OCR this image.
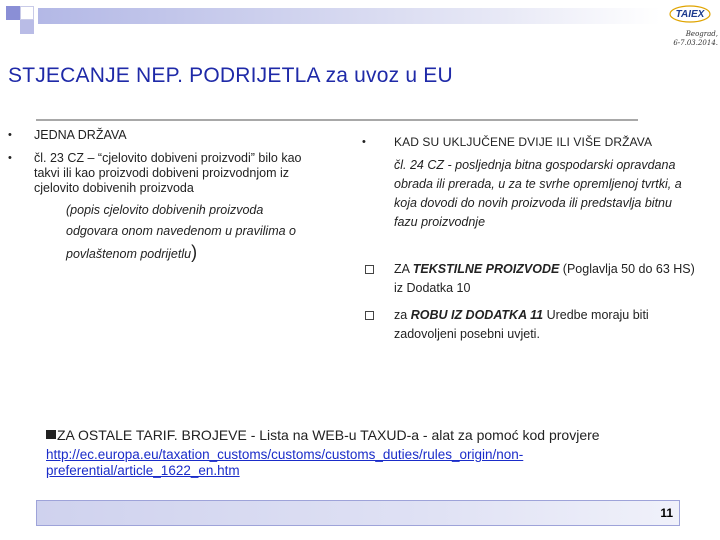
TAIEX
Beograd,
6-7.03.2014.
STJECANJE NEP. PODRIJETLA za uvoz u EU
• JEDNA DRŽAVA
• čl. 23 CZ – “cjelovito dobiveni proizvodi” bilo kao takvi ili kao proizvodi dobiveni proizvodnjom iz cjelovito dobivenih proizvoda
(popis cjelovito dobivenih proizvoda odgovara onom navedenom u pravilima o povlaštenom podrijetlu)
• KAD SU UKLJUČENE DVIJE ILI VIŠE DRŽAVA
čl. 24 CZ - posljednja bitna gospodarski opravdana obrada ili prerada, u za te svrhe opremljenoj tvrtki, a koja dovodi do novih proizvoda ili predstavlja bitnu fazu proizvodnje
ZA TEKSTILNE PROIZVODE (Poglavlja 50 do 63 HS) iz Dodatka 10
za ROBU IZ DODATKA 11 Uredbe moraju biti zadovoljeni posebni uvjeti.
ZA OSTALE TARIF. BROJEVE - Lista na WEB-u TAXUD-a - alat za pomoć kod provjere
http://ec.europa.eu/taxation_customs/customs/customs_duties/rules_origin/non-preferential/article_1622_en.htm
11
